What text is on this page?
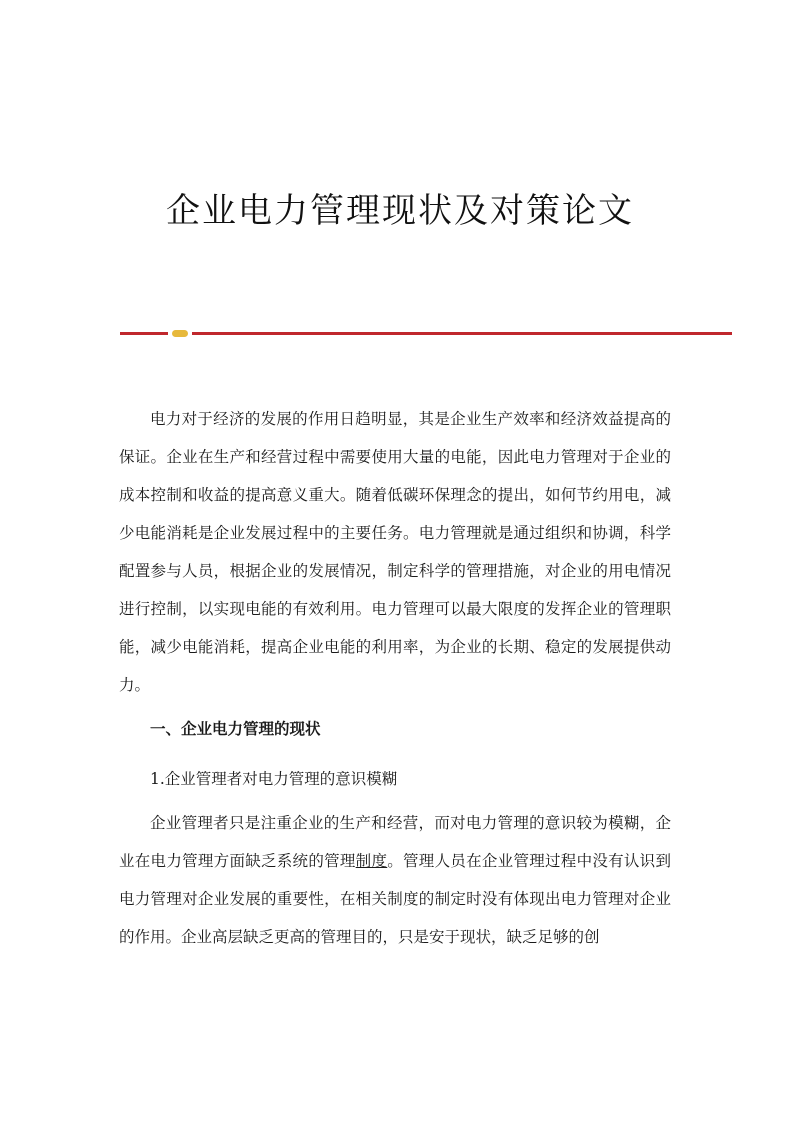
企业电力管理现状及对策论文

电力对于经济的发展的作用日趋明显，其是企业生产效率和经济效益提高的保证。企业在生产和经营过程中需要使用大量的电能，因此电力管理对于企业的成本控制和收益的提高意义重大。随着低碳环保理念的提出，如何节约用电，减少电能消耗是企业发展过程中的主要任务。电力管理就是通过组织和协调，科学配置参与人员，根据企业的发展情况，制定科学的管理措施，对企业的用电情况进行控制，以实现电能的有效利用。电力管理可以最大限度的发挥企业的管理职能，减少电能消耗，提高企业电能的利用率，为企业的长期、稳定的发展提供动力。

一、企业电力管理的现状

1.企业管理者对电力管理的意识模糊

企业管理者只是注重企业的生产和经营，而对电力管理的意识较为模糊，企业在电力管理方面缺乏系统的管理制度。管理人员在企业管理过程中没有认识到电力管理对企业发展的重要性，在相关制度的制定时没有体现出电力管理对企业的作用。企业高层缺乏更高的管理目的，只是安于现状，缺乏足够的创
